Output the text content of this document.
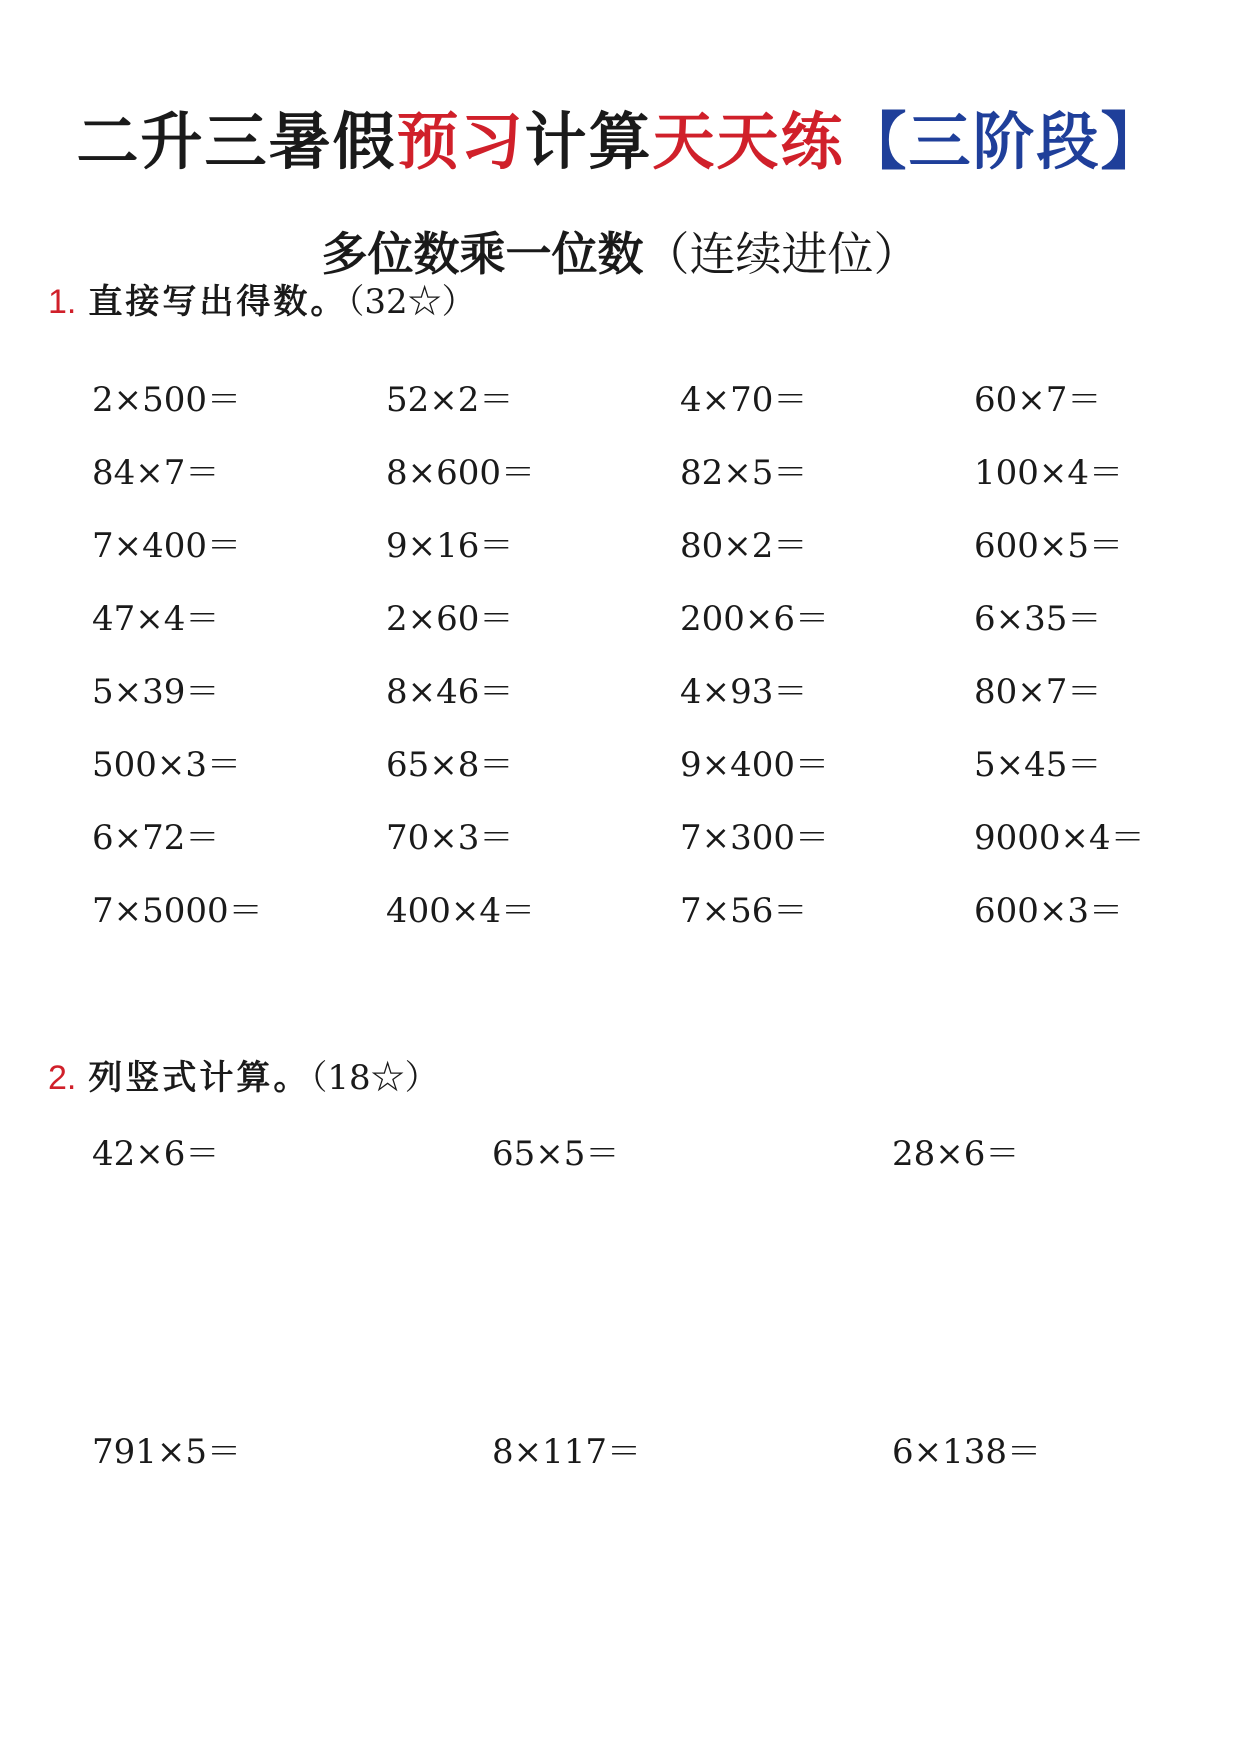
二升三暑假预习计算天天练【三阶段】
多位数乘一位数（连续进位）
1. 直接写出得数。（32☆）
2×500＝	52×2＝	4×70＝	60×7＝
84×7＝	8×600＝	82×5＝	100×4＝
7×400＝	9×16＝	80×2＝	600×5＝
47×4＝	2×60＝	200×6＝	6×35＝
5×39＝	8×46＝	4×93＝	80×7＝
500×3＝	65×8＝	9×400＝	5×45＝
6×72＝	70×3＝	7×300＝	9000×4＝
7×5000＝	400×4＝	7×56＝	600×3＝
2. 列竖式计算。（18☆）
42×6＝	65×5＝	28×6＝
791×5＝	8×117＝	6×138＝
